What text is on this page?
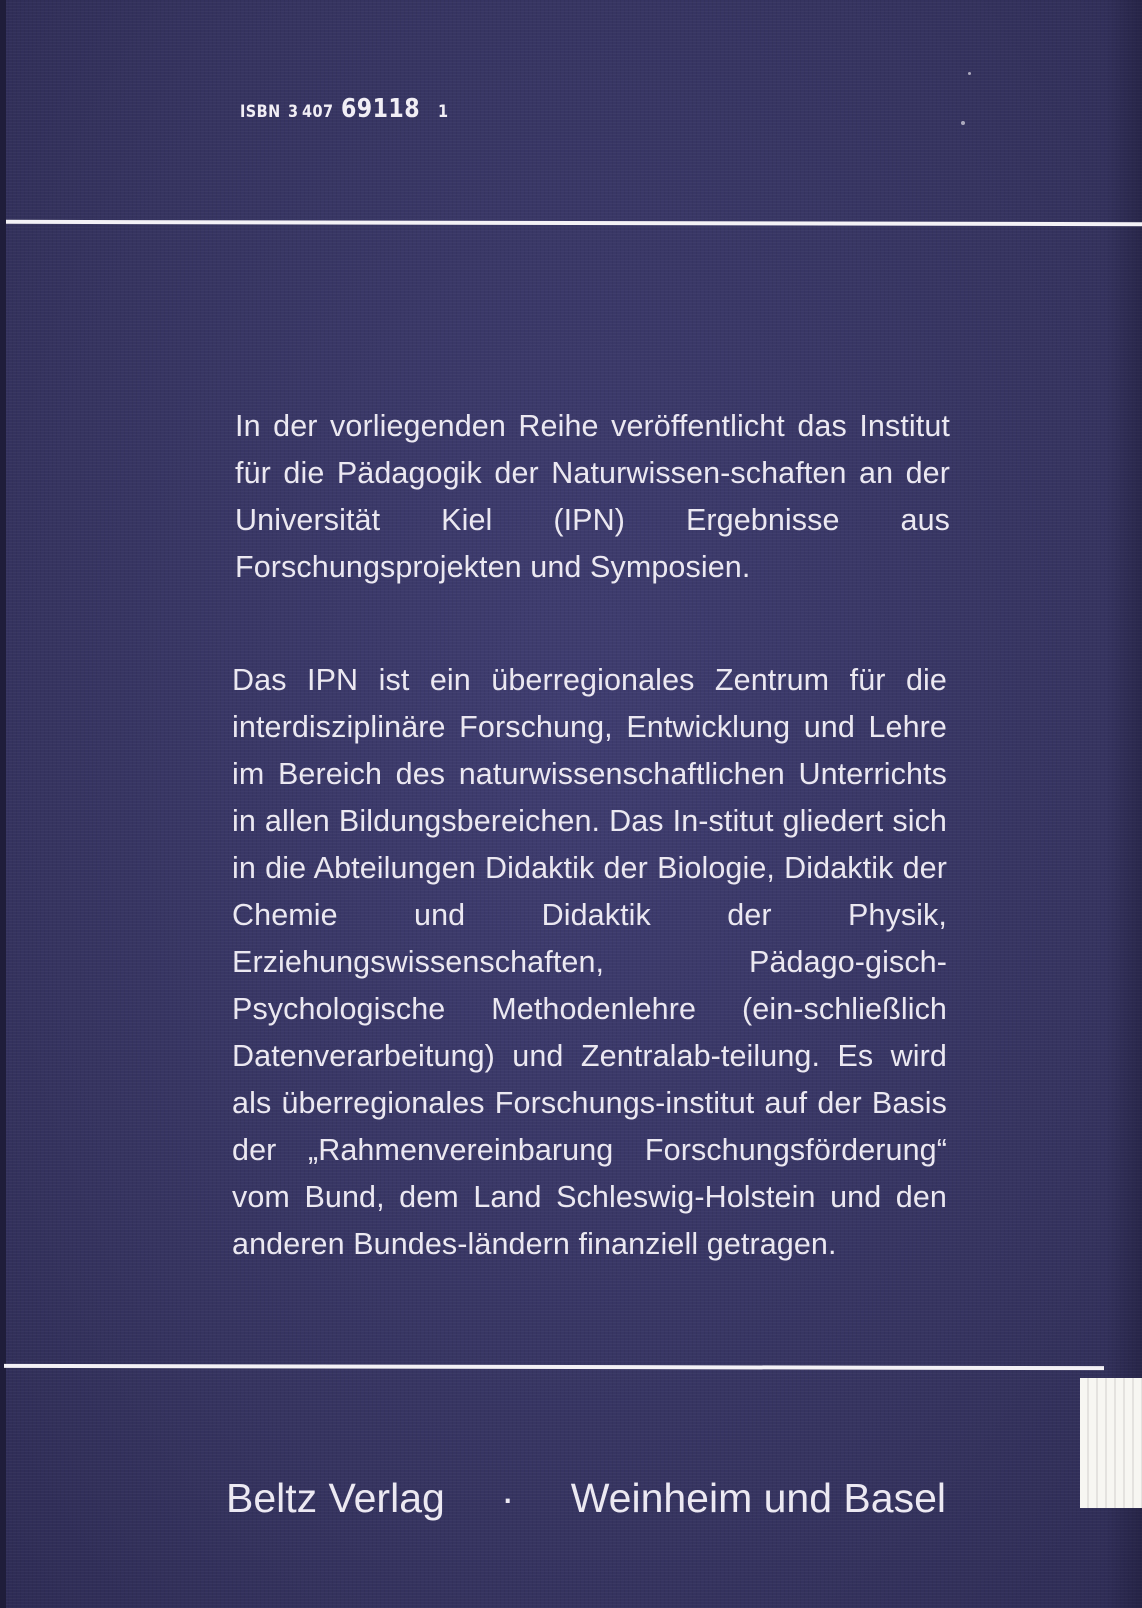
ISBN 3 407 69118 1
In der vorliegenden Reihe veröffentlicht das Institut für die Pädagogik der Naturwissen-schaften an der Universität Kiel (IPN) Ergebnisse aus Forschungsprojekten und Symposien.
Das IPN ist ein überregionales Zentrum für die interdisziplinäre Forschung, Entwicklung und Lehre im Bereich des naturwissenschaftlichen Unterrichts in allen Bildungsbereichen. Das In-stitut gliedert sich in die Abteilungen Didaktik der Biologie, Didaktik der Chemie und Didaktik der Physik, Erziehungswissenschaften, Pädago-gisch-Psychologische Methodenlehre (ein-schließlich Datenverarbeitung) und Zentralab-teilung. Es wird als überregionales Forschungs-institut auf der Basis der „Rahmenvereinbarung Forschungsförderung“ vom Bund, dem Land Schleswig-Holstein und den anderen Bundes-ländern finanziell getragen.
Beltz Verlag · Weinheim und Basel
